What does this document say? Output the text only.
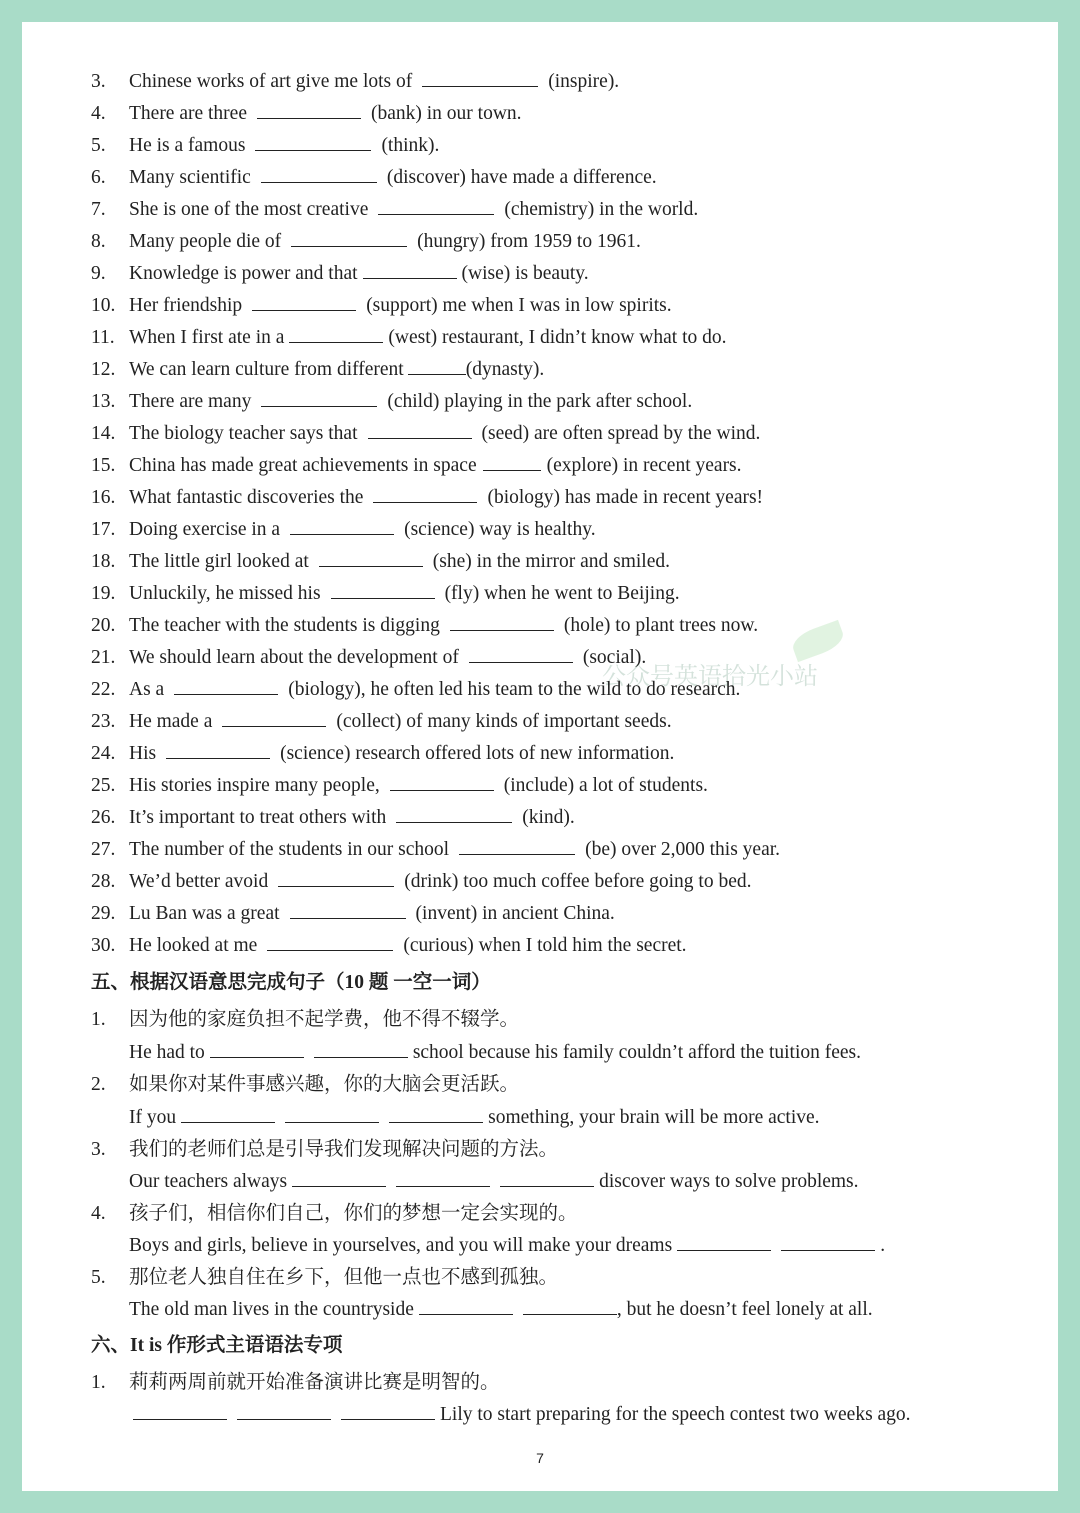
公众号英语拾光小站
3. Chinese works of art give me lots of	(inspire).
4. There are three	(bank) in our town.
5. He is a famous	(think).
6. Many scientific	(discover) have made a difference.
7. She is one of the most creative	(chemistry) in the world.
8. Many people die of	(hungry) from 1959 to 1961.
9. Knowledge is power and that	(wise) is beauty.
10. Her friendship	(support) me when I was in low spirits.
11. When I first ate in a	(west) restaurant, I didn’t know what to do.
12. We can learn culture from different	(dynasty).
13. There are many	(child) playing in the park after school.
14. The biology teacher says that	(seed) are often spread by the wind.
15. China has made great achievements in space	(explore) in recent years.
16. What fantastic discoveries the	(biology) has made in recent years!
17. Doing exercise in a	(science) way is healthy.
18. The little girl looked at	(she) in the mirror and smiled.
19. Unluckily, he missed his	(fly) when he went to Beijing.
20. The teacher with the students is digging	(hole) to plant trees now.
21. We should learn about the development of	(social).
22. As a	(biology), he often led his team to the wild to do research.
23. He made a	(collect) of many kinds of important seeds.
24. His	(science) research offered lots of new information.
25. His stories inspire many people,	(include) a lot of students.
26. It’s important to treat others with	(kind).
27. The number of the students in our school	(be) over 2,000 this year.
28. We’d better avoid	(drink) too much coffee before going to bed.
29. Lu Ban was a great	(invent) in ancient China.
30. He looked at me	(curious) when I told him the secret.
五、根据汉语意思完成句子（10 题 一空一词）
1. 因为他的家庭负担不起学费，他不得不辍学。
He had to	school because his family couldn’t afford the tuition fees.
2. 如果你对某件事感兴趣，你的大脑会更活跃。
If you	something, your brain will be more active.
3. 我们的老师们总是引导我们发现解决问题的方法。
Our teachers always	discover ways to solve problems.
4. 孩子们，相信你们自己，你们的梦想一定会实现的。
Boys and girls, believe in yourselves, and you will make your dreams	.
5. 那位老人独自住在乡下，但他一点也不感到孤独。
The old man lives in the countryside	, but he doesn’t feel lonely at all.
六、It is 作形式主语语法专项
1. 莉莉两周前就开始准备演讲比赛是明智的。
Lily to start preparing for the speech contest two weeks ago.
7
